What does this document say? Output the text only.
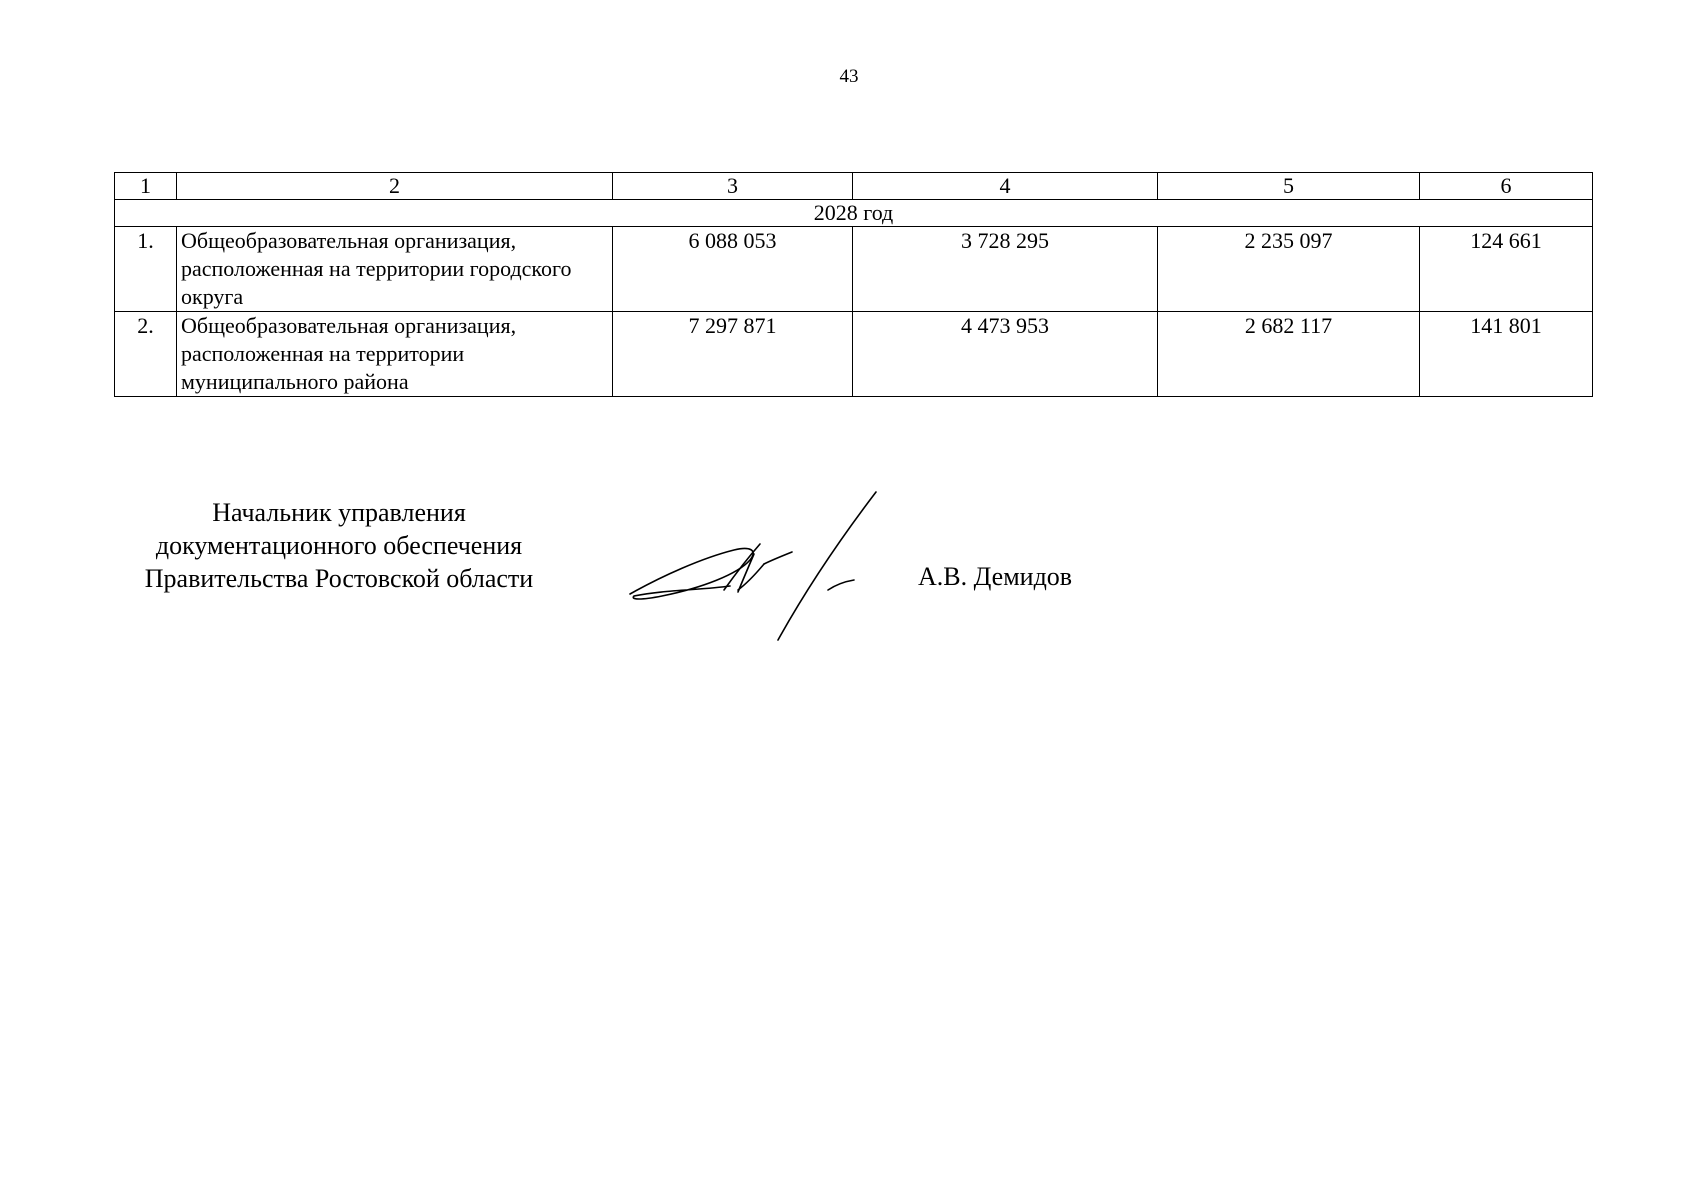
43
1	2	3	4	5	6
2028 год					
1.	Общеобразовательная организация, расположенная на территории городского округа	6 088 053	3 728 295	2 235 097	124 661
2.	Общеобразовательная организация, расположенная на территории муниципального района	7 297 871	4 473 953	2 682 117	141 801
Начальник управления
документационного обеспечения
Правительства Ростовской области	А.В. Демидов
